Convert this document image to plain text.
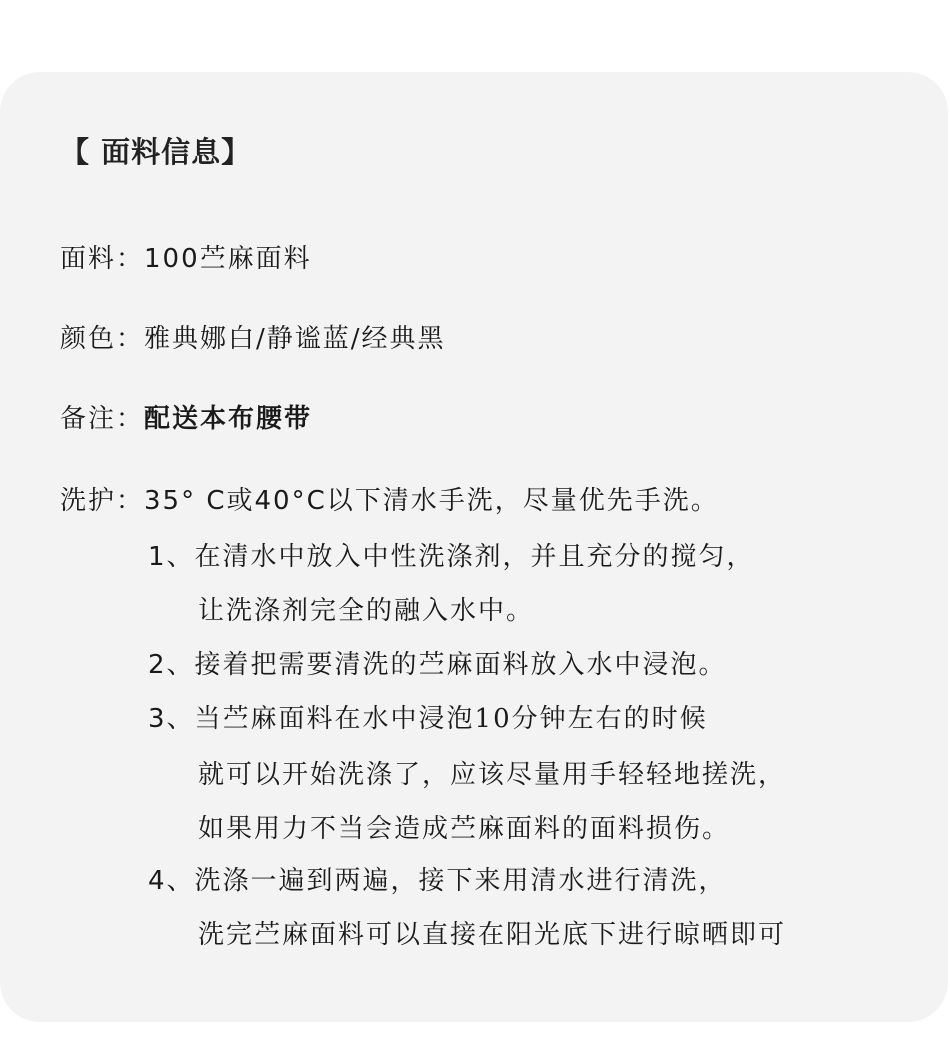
【 面料信息】
面料：100苎麻面料
颜色：雅典娜白/静谧蓝/经典黑
备注：配送本布腰带
洗护：35° C或40°C以下清水手洗，尽量优先手洗。
1、在清水中放入中性洗涤剂，并且充分的搅匀，
让洗涤剂完全的融入水中。
2、接着把需要清洗的苎麻面料放入水中浸泡。
3、当苎麻面料在水中浸泡10分钟左右的时候
就可以开始洗涤了，应该尽量用手轻轻地搓洗，
如果用力不当会造成苎麻面料的面料损伤。
4、洗涤一遍到两遍，接下来用清水进行清洗，
洗完苎麻面料可以直接在阳光底下进行晾晒即可
